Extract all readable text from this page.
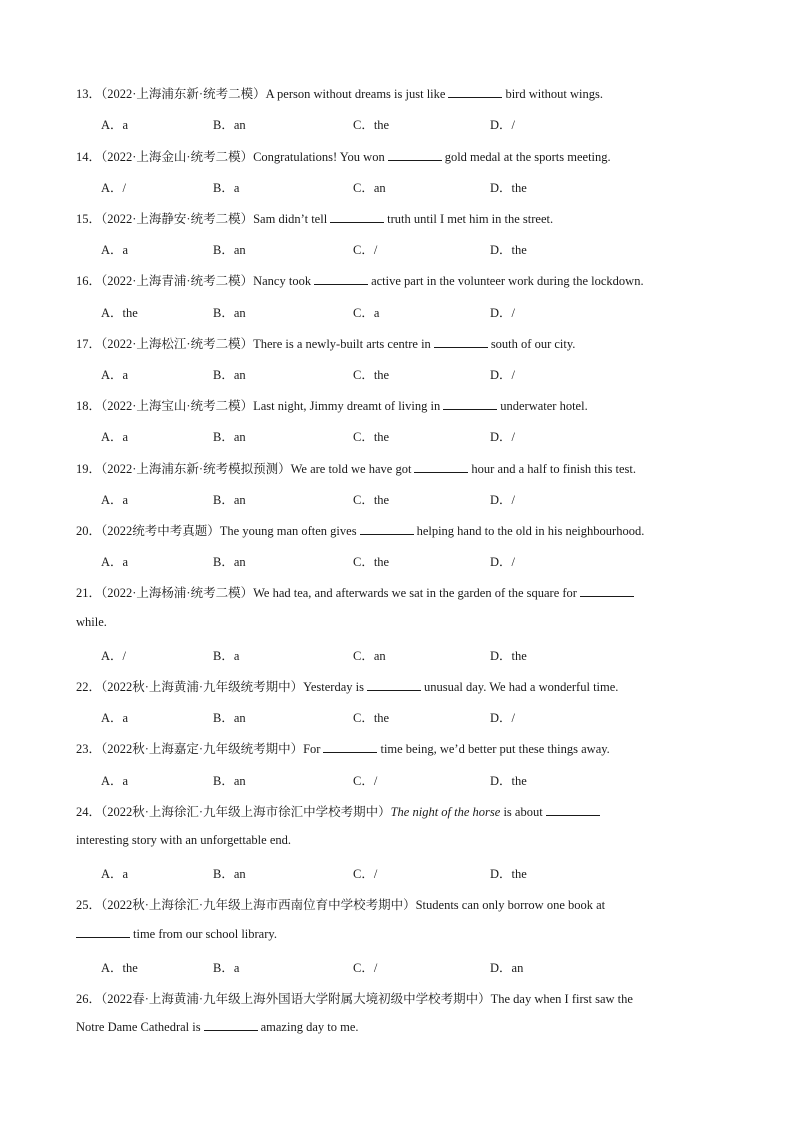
13．（2022·上海浦东新·统考二模）A person without dreams is just like	bird without wings.
A．a	B．an	C．the	D．/
14．（2022·上海金山·统考二模）Congratulations! You won	gold medal at the sports meeting.
A．/	B．a	C．an	D．the
15．（2022·上海静安·统考二模）Sam didn’t tell	truth until I met him in the street.
A．a	B．an	C．/	D．the
16．（2022·上海青浦·统考二模）Nancy took	active part in the volunteer work during the lockdown.
A．the	B．an	C．a	D．/
17．（2022·上海松江·统考二模）There is a newly-built arts centre in	south of our city.
A．a	B．an	C．the	D．/
18．（2022·上海宝山·统考二模）Last night, Jimmy dreamt of living in	underwater hotel.
A．a	B．an	C．the	D．/
19．（2022·上海浦东新·统考模拟预测）We are told we have got	hour and a half to finish this test.
A．a	B．an	C．the	D．/
20．（2022统考中考真题）The young man often gives	helping hand to the old in his neighbourhood.
A．a	B．an	C．the	D．/
21．（2022·上海杨浦·统考二模）We had tea, and afterwards we sat in the garden of the square for
while.
A．/	B．a	C．an	D．the
22．（2022秋·上海黄浦·九年级统考期中）Yesterday is	unusual day. We had a wonderful time.
A．a	B．an	C．the	D．/
23．（2022秋·上海嘉定·九年级统考期中）For	time being, we’d better put these things away.
A．a	B．an	C．/	D．the
24．（2022秋·上海徐汇·九年级上海市徐汇中学校考期中）The night of the horse is about
interesting story with an unforgettable end.
A．a	B．an	C．/	D．the
25．（2022秋·上海徐汇·九年级上海市西南位育中学校考期中）Students can only borrow one book at
time from our school library.
A．the	B．a	C．/	D．an
26．（2022春·上海黄浦·九年级上海外国语大学附属大境初级中学校考期中）The day when I first saw the
Notre Dame Cathedral is	amazing day to me.
